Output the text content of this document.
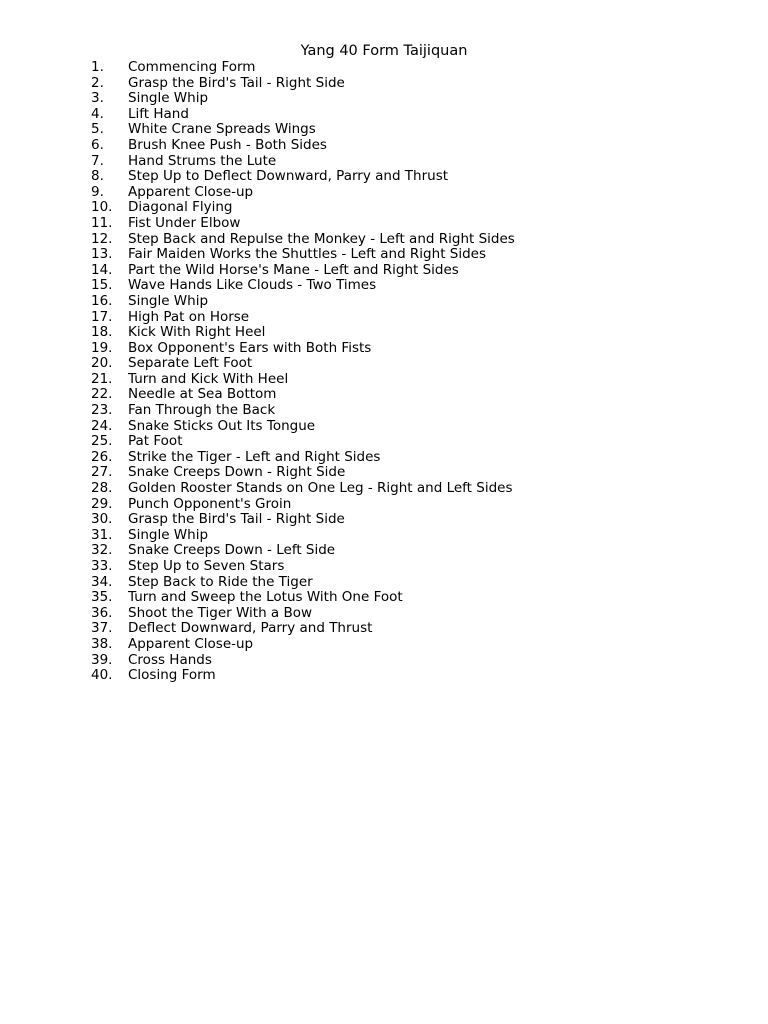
Yang 40 Form Taijiquan
1.	Commencing Form
2.	Grasp the Bird's Tail - Right Side
3.	Single Whip
4.	Lift Hand
5.	White Crane Spreads Wings
6.	Brush Knee Push - Both Sides
7.	Hand Strums the Lute
8.	Step Up to Deflect Downward, Parry and Thrust
9.	Apparent Close-up
10.	Diagonal Flying
11.	Fist Under Elbow
12.	Step Back and Repulse the Monkey - Left and Right Sides
13.	Fair Maiden Works the Shuttles - Left and Right Sides
14.	Part the Wild Horse's Mane - Left and Right Sides
15.	Wave Hands Like Clouds - Two Times
16.	Single Whip
17.	High Pat on Horse
18.	Kick With Right Heel
19.	Box Opponent's Ears with Both Fists
20.	Separate Left Foot
21.	Turn and Kick With Heel
22.	Needle at Sea Bottom
23.	Fan Through the Back
24.	Snake Sticks Out Its Tongue
25.	Pat Foot
26.	Strike the Tiger - Left and Right Sides
27.	Snake Creeps Down - Right Side
28.	Golden Rooster Stands on One Leg - Right and Left Sides
29.	Punch Opponent's Groin
30.	Grasp the Bird's Tail - Right Side
31.	Single Whip
32.	Snake Creeps Down - Left Side
33.	Step Up to Seven Stars
34.	Step Back to Ride the Tiger
35.	Turn and Sweep the Lotus With One Foot
36.	Shoot the Tiger With a Bow
37.	Deflect Downward, Parry and Thrust
38.	Apparent Close-up
39.	Cross Hands
40.	Closing Form
